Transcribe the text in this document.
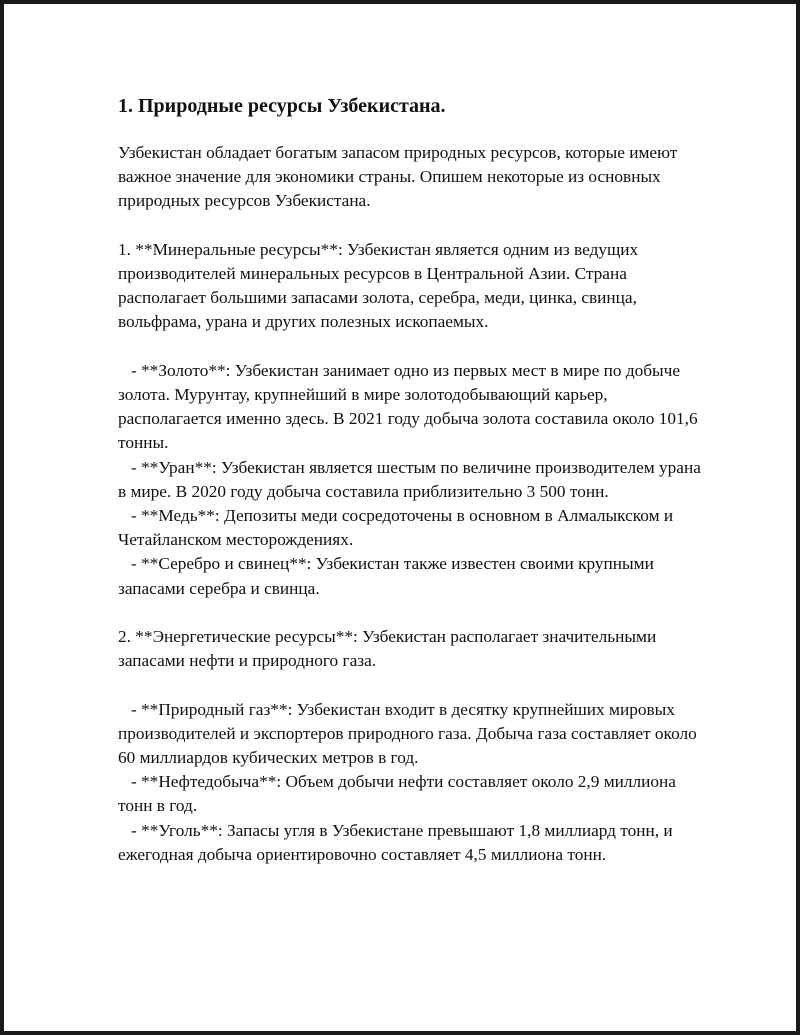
1. Природные ресурсы Узбекистана.

Узбекистан обладает богатым запасом природных ресурсов, которые имеют важное значение для экономики страны. Опишем некоторые из основных природных ресурсов Узбекистана.

1. **Минеральные ресурсы**: Узбекистан является одним из ведущих производителей минеральных ресурсов в Центральной Азии. Страна располагает большими запасами золота, серебра, меди, цинка, свинца, вольфрама, урана и других полезных ископаемых.

- **Золото**: Узбекистан занимает одно из первых мест в мире по добыче золота. Мурунтау, крупнейший в мире золотодобывающий карьер, располагается именно здесь. В 2021 году добыча золота составила около 101,6 тонны.

- **Уран**: Узбекистан является шестым по величине производителем урана в мире. В 2020 году добыча составила приблизительно 3 500 тонн.

- **Медь**: Депозиты меди сосредоточены в основном в Алмалыкском и Четайланском месторождениях.

- **Серебро и свинец**: Узбекистан также известен своими крупными запасами серебра и свинца.

2. **Энергетические ресурсы**: Узбекистан располагает значительными запасами нефти и природного газа.

- **Природный газ**: Узбекистан входит в десятку крупнейших мировых производителей и экспортеров природного газа. Добыча газа составляет около 60 миллиардов кубических метров в год.

- **Нефтедобыча**: Объем добычи нефти составляет около 2,9 миллиона тонн в год.

- **Уголь**: Запасы угля в Узбекистане превышают 1,8 миллиард тонн, и ежегодная добыча ориентировочно составляет 4,5 миллиона тонн.
